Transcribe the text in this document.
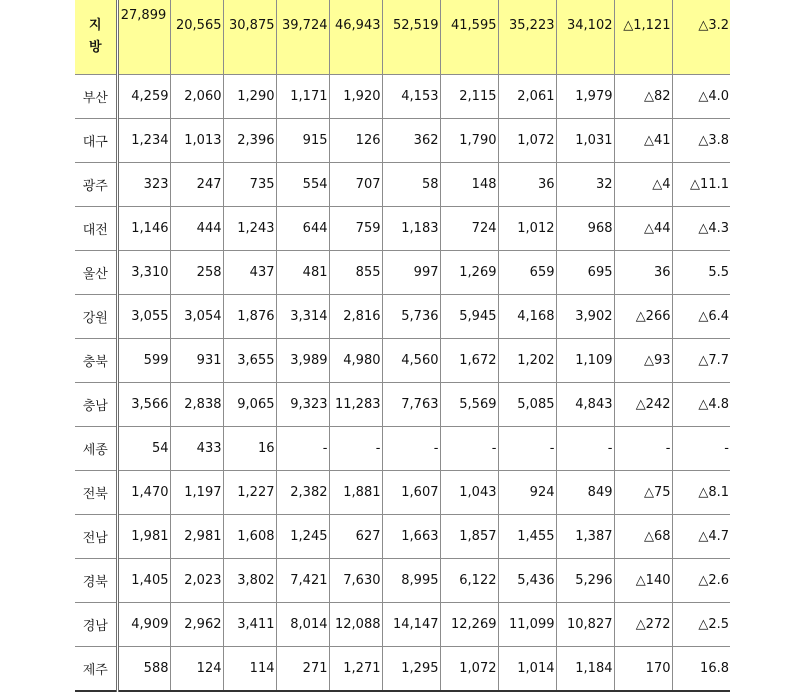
지
방	27,899	20,565	30,875	39,724	46,943	52,519	41,595	35,223	34,102	△1,121	△3.2
부산	4,259	2,060	1,290	1,171	1,920	4,153	2,115	2,061	1,979	△82	△4.0
대구	1,234	1,013	2,396	915	126	362	1,790	1,072	1,031	△41	△3.8
광주	323	247	735	554	707	58	148	36	32	△4	△11.1
대전	1,146	444	1,243	644	759	1,183	724	1,012	968	△44	△4.3
울산	3,310	258	437	481	855	997	1,269	659	695	36	5.5
강원	3,055	3,054	1,876	3,314	2,816	5,736	5,945	4,168	3,902	△266	△6.4
충북	599	931	3,655	3,989	4,980	4,560	1,672	1,202	1,109	△93	△7.7
충남	3,566	2,838	9,065	9,323	11,283	7,763	5,569	5,085	4,843	△242	△4.8
세종	54	433	16	-	-	-	-	-	-	-	-
전북	1,470	1,197	1,227	2,382	1,881	1,607	1,043	924	849	△75	△8.1
전남	1,981	2,981	1,608	1,245	627	1,663	1,857	1,455	1,387	△68	△4.7
경북	1,405	2,023	3,802	7,421	7,630	8,995	6,122	5,436	5,296	△140	△2.6
경남	4,909	2,962	3,411	8,014	12,088	14,147	12,269	11,099	10,827	△272	△2.5
제주	588	124	114	271	1,271	1,295	1,072	1,014	1,184	170	16.8
